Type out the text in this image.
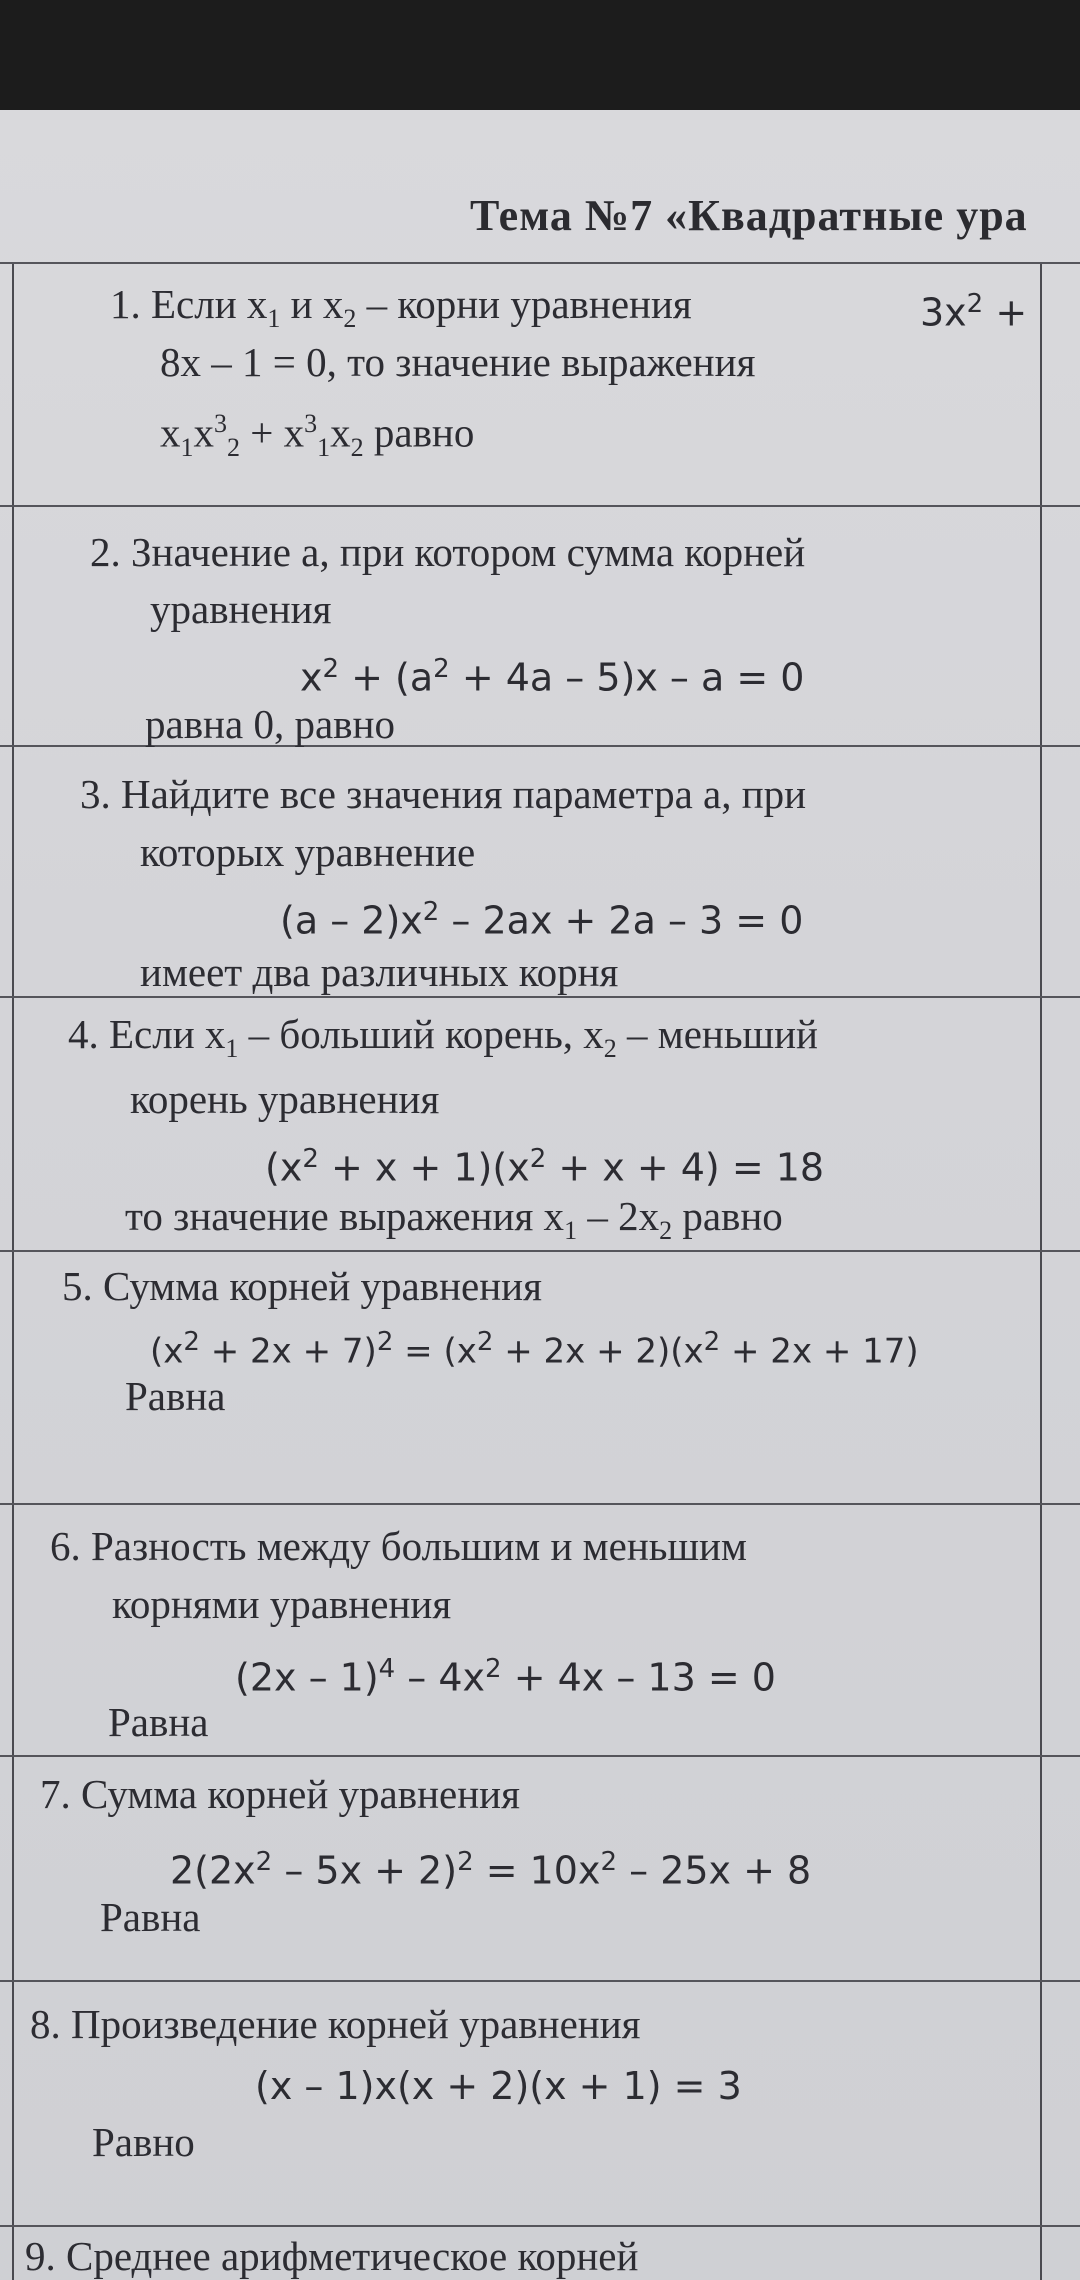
Тема №7 «Квадратные ура
1. Если $x_1$ и $x_2$ – корни уравнения	$3x^2$ +
8x – 1 = 0, то значение выражения
$x_1x^3_2 + x^3_1x_2$ равно
2. Значение a, при котором сумма корней
уравнения
$x^2 + (a^2 + 4a - 5)x - a = 0$
равна 0, равно
3. Найдите все значения параметра a, при
которых уравнение
$(a - 2)x^2 - 2ax + 2a - 3 = 0$
имеет два различных корня
4. Если $x_1$ – больший корень, $x_2$ – меньший
корень уравнения
$(x^2 + x + 1)(x^2 + x + 4) = 18$
то значение выражения $x_1 - 2x_2$ равно
5. Сумма корней уравнения
$(x^2 + 2x + 7)^2 = (x^2 + 2x + 2)(x^2 + 2x + 17)$
Равна
6. Разность между большим и меньшим
корнями уравнения
$(2x - 1)^4 - 4x^2 + 4x - 13 = 0$
Равна
7. Сумма корней уравнения
$2(2x^2 - 5x + 2)^2 = 10x^2 - 25x + 8$
Равна
8. Произведение корней уравнения
(x – 1)x(x + 2)(x + 1) = 3
Равно
9. Среднее арифметическое корней
